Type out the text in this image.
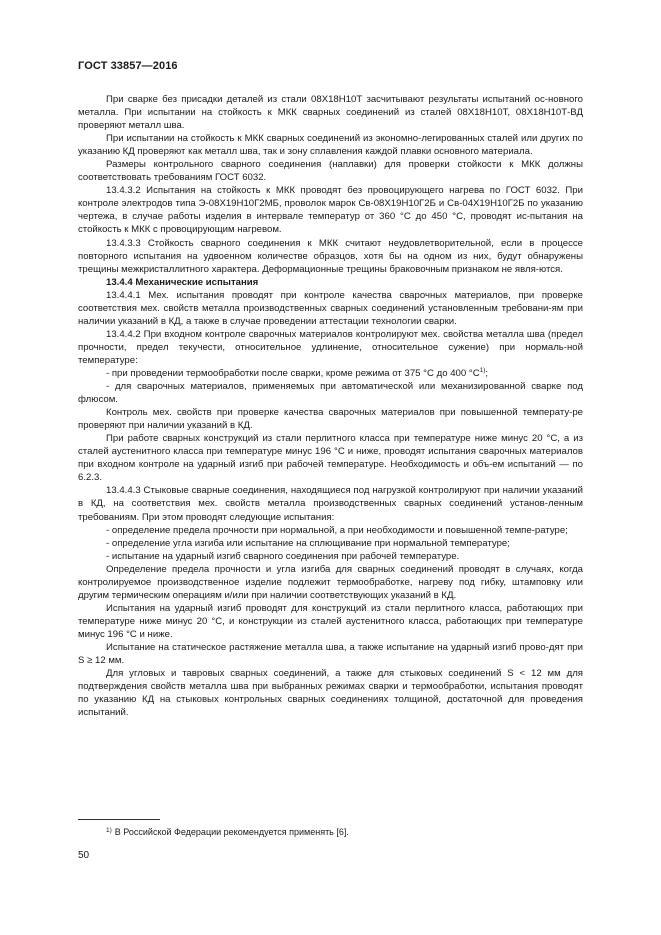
ГОСТ 33857—2016

При сварке без присадки деталей из стали 08Х18Н10Т засчитывают результаты испытаний ос-новного металла. При испытании на стойкость к МКК сварных соединений из сталей 08Х18Н10Т, 08Х18Н10Т-ВД проверяют металл шва.

При испытании на стойкость к МКК сварных соединений из экономно-легированных сталей или других по указанию КД проверяют как металл шва, так и зону сплавления каждой плавки основного материала.

Размеры контрольного сварного соединения (наплавки) для проверки стойкости к МКК должны соответствовать требованиям ГОСТ 6032.

13.4.3.2 Испытания на стойкость к МКК проводят без провоцирующего нагрева по ГОСТ 6032. При контроле электродов типа Э-08Х19Н10Г2МБ, проволок марок Св-08Х19Н10Г2Б и Св-04Х19Н10Г2Б по указанию чертежа, в случае работы изделия в интервале температур от 360 °С до 450 °С, проводят ис-пытания на стойкость к МКК с провоцирующим нагревом.

13.4.3.3 Стойкость сварного соединения к МКК считают неудовлетворительной, если в процессе повторного испытания на удвоенном количестве образцов, хотя бы на одном из них, будут обнаружены трещины межкристаллитного характера. Деформационные трещины браковочным признаком не явля-ются.

13.4.4 Механические испытания

13.4.4.1 Мех. испытания проводят при контроле качества сварочных материалов, при проверке соответствия мех. свойств металла производственных сварных соединений установленным требовани-ям при наличии указаний в КД, а также в случае проведении аттестации технологии сварки.

13.4.4.2 При входном контроле сварочных материалов контролируют мех. свойства металла шва (предел прочности, предел текучести, относительное удлинение, относительное сужение) при нормаль-ной температуре:

- при проведении термообработки после сварки, кроме режима от 375 °С до 400 $^\circ С^{1)}$;

- для сварочных материалов, применяемых при автоматической или механизированной сварке под флюсом.

Контроль мех. свойств при проверке качества сварочных материалов при повышенной температу-ре проверяют при наличии указаний в КД.

При работе сварных конструкций из стали перлитного класса при температуре ниже минус 20 °С, а из сталей аустенитного класса при температуре минус 196 °С и ниже, проводят испытания сварочных материалов при входном контроле на ударный изгиб при рабочей температуре. Необходимость и объ-ем испытаний — по 6.2.3.

13.4.4.3 Стыковые сварные соединения, находящиеся под нагрузкой контролируют при наличии указаний в КД, на соответствия мех. свойств металла производственных сварных соединений установ-ленным требованиям. При этом проводят следующие испытания:

- определение предела прочности при нормальной, а при необходимости и повышенной темпе-ратуре;

- определение угла изгиба или испытание на сплющивание при нормальной температуре;

- испытание на ударный изгиб сварного соединения при рабочей температуре.

Определение предела прочности и угла изгиба для сварных соединений проводят в случаях, когда контролируемое производственное изделие подлежит термообработке, нагреву под гибку, штамповку или другим термическим операциям и/или при наличии соответствующих указаний в КД.

Испытания на ударный изгиб проводят для конструкций из стали перлитного класса, работающих при температуре ниже минус 20 °С, и конструкции из сталей аустенитного класса, работающих при температуре минус 196 °С и ниже.

Испытание на статическое растяжение металла шва, а также испытание на ударный изгиб прово-дят при S ≥ 12 мм.

Для угловых и тавровых сварных соединений, а также для стыковых соединений S < 12 мм для подтверждения свойств металла шва при выбранных режимах сварки и термообработки, испытания проводят по указанию КД на стыковых контрольных сварных соединениях толщиной, достаточной для проведения испытаний.

$^{1)}$ В Российской Федерации рекомендуется применять [6].
50
